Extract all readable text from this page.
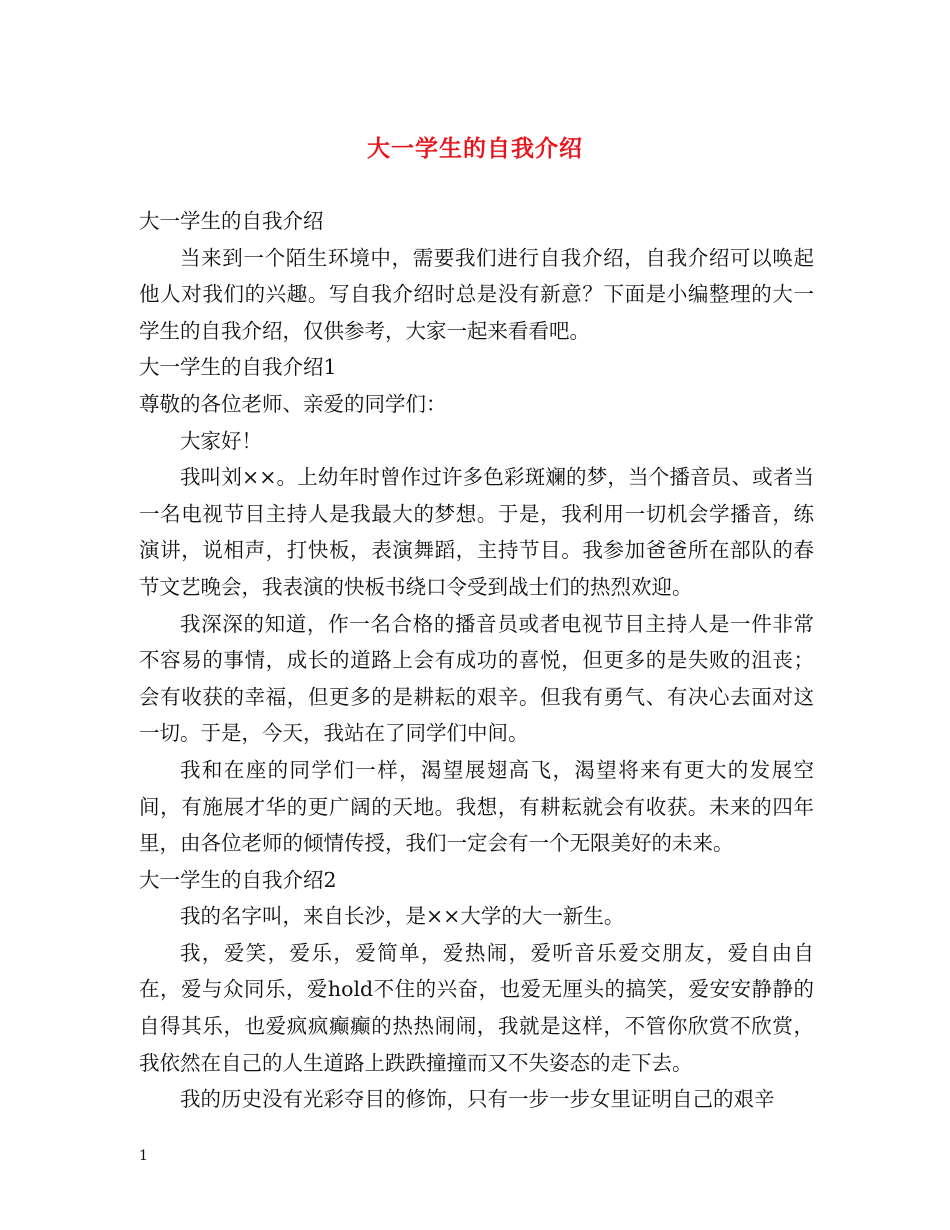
大一学生的自我介绍

大一学生的自我介绍

当来到一个陌生环境中，需要我们进行自我介绍，自我介绍可以唤起他人对我们的兴趣。写自我介绍时总是没有新意？下面是小编整理的大一学生的自我介绍，仅供参考，大家一起来看看吧。

大一学生的自我介绍1

尊敬的各位老师、亲爱的同学们：

大家好！

我叫刘××。上幼年时曾作过许多色彩斑斓的梦，当个播音员、或者当一名电视节目主持人是我最大的梦想。于是，我利用一切机会学播音，练演讲，说相声，打快板，表演舞蹈，主持节目。我参加爸爸所在部队的春节文艺晚会，我表演的快板书绕口令受到战士们的热烈欢迎。

我深深的知道，作一名合格的播音员或者电视节目主持人是一件非常不容易的事情，成长的道路上会有成功的喜悦，但更多的是失败的沮丧；会有收获的幸福，但更多的是耕耘的艰辛。但我有勇气、有决心去面对这一切。于是，今天，我站在了同学们中间。

我和在座的同学们一样，渴望展翅高飞，渴望将来有更大的发展空间，有施展才华的更广阔的天地。我想，有耕耘就会有收获。未来的四年里，由各位老师的倾情传授，我们一定会有一个无限美好的未来。

大一学生的自我介绍2

我的名字叫，来自长沙，是××大学的大一新生。

我，爱笑，爱乐，爱简单，爱热闹，爱听音乐爱交朋友，爱自由自在，爱与众同乐，爱hold不住的兴奋，也爱无厘头的搞笑，爱安安静静的自得其乐，也爱疯疯癫癫的热热闹闹，我就是这样，不管你欣赏不欣赏，我依然在自己的人生道路上跌跌撞撞而又不失姿态的走下去。

我的历史没有光彩夺目的修饰，只有一步一步女里证明自己的艰辛

1
